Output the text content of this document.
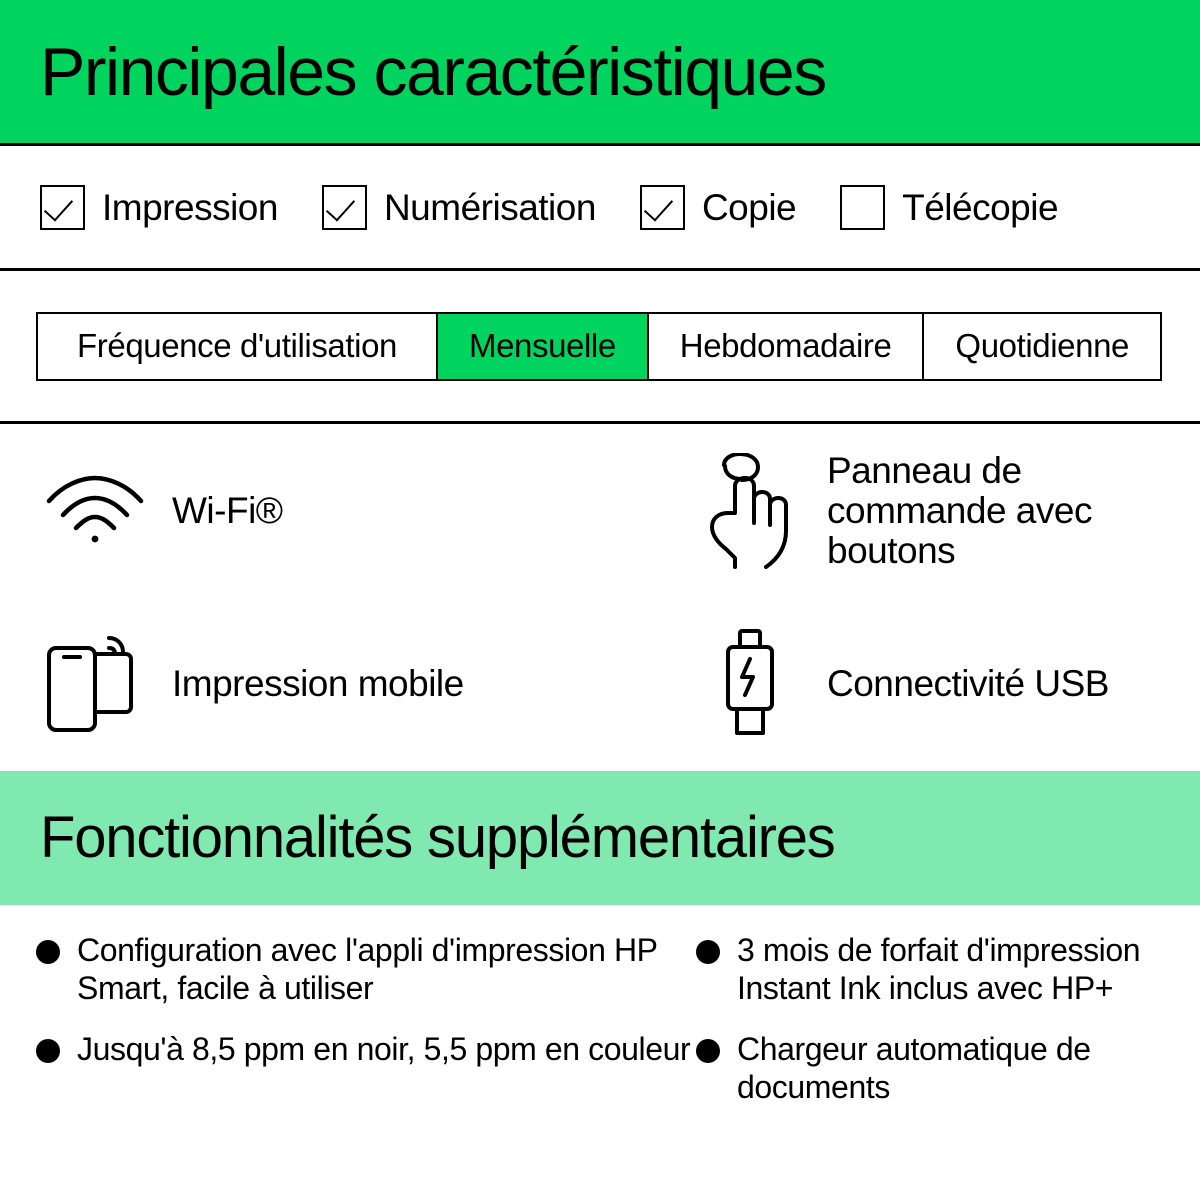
Principales caractéristiques
Impression	Numérisation	Copie	Télécopie
Fréquence d'utilisation	Mensuelle	Hebdomadaire	Quotidienne
Wi-Fi®
Panneau de commande avec boutons
Impression mobile	Connectivité USB
Fonctionnalités supplémentaires
Configuration avec l'appli d'impression HP Smart, facile à utiliser
Jusqu'à 8,5 ppm en noir, 5,5 ppm en couleur
3 mois de forfait d'impression Instant Ink inclus avec HP+
Chargeur automatique de documents
